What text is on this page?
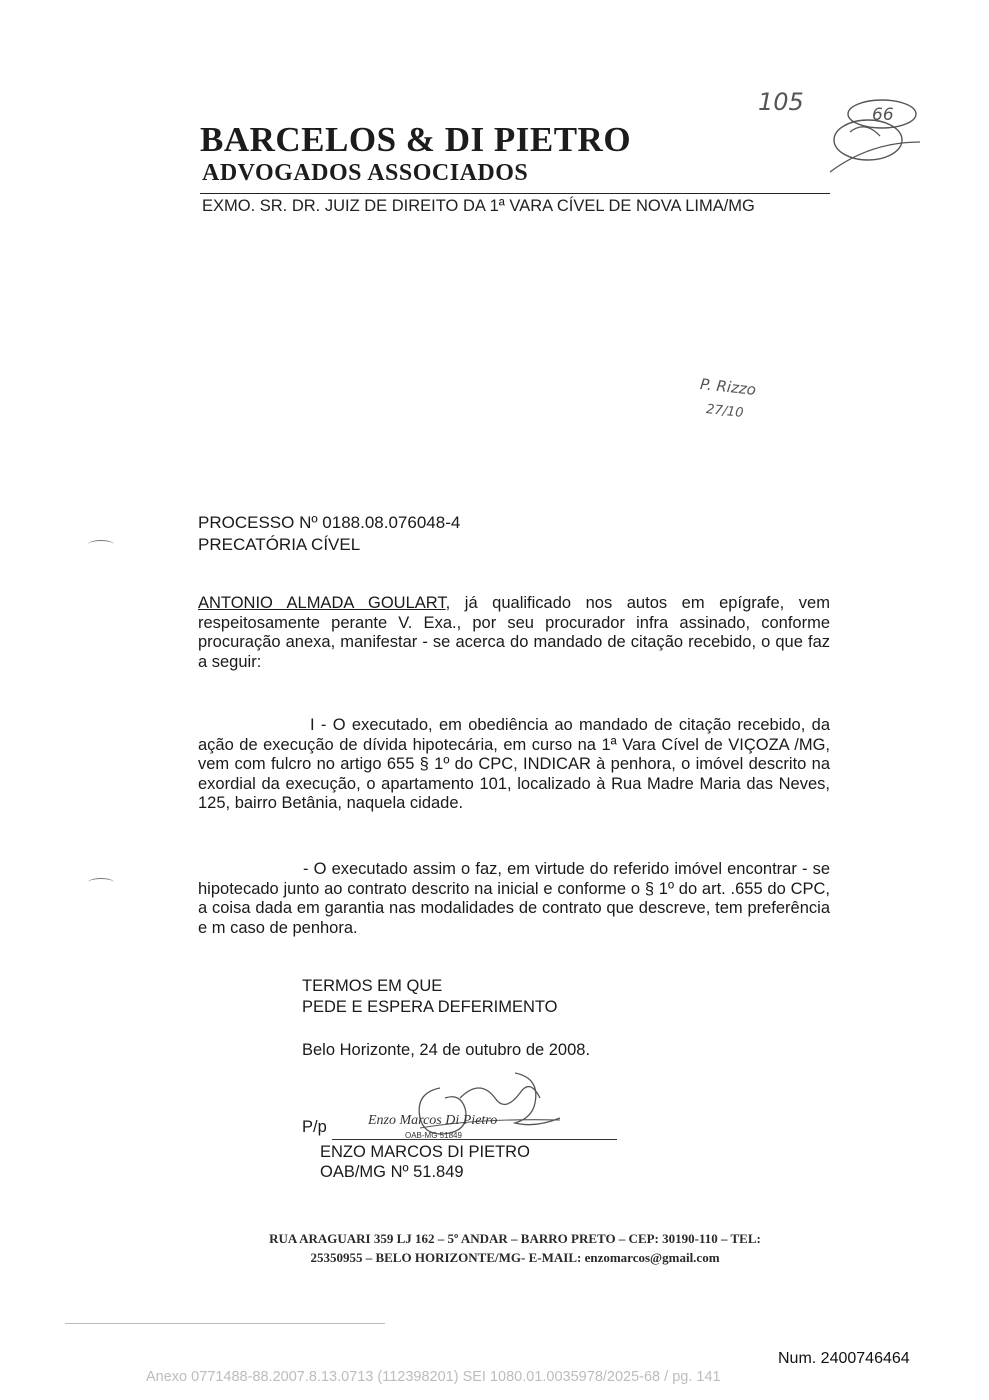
BARCELOS & DI PIETRO
ADVOGADOS ASSOCIADOS
EXMO. SR. DR. JUIZ DE DIREITO DA 1ª VARA CÍVEL DE NOVA LIMA/MG
105	66
P. Rizzo
27/10
PROCESSO Nº 0188.08.076048-4
PRECATÓRIA CÍVEL
ANTONIO ALMADA GOULART, já qualificado nos autos em epígrafe, vem respeitosamente perante V. Exa., por seu procurador infra assinado, conforme procuração anexa, manifestar - se acerca do mandado de citação recebido, o que faz a seguir:
I - O executado, em obediência ao mandado de citação recebido, da ação de execução de dívida hipotecária, em curso na 1ª Vara Cível de VIÇOZA /MG, vem com fulcro no artigo 655 § 1º do CPC, INDICAR à penhora, o imóvel descrito na exordial da execução, o apartamento 101, localizado à Rua Madre Maria das Neves, 125, bairro Betânia, naquela cidade.
- O executado assim o faz, em virtude do referido imóvel encontrar - se hipotecado junto ao contrato descrito na inicial e conforme o § 1º do art. .655 do CPC, a coisa dada em garantia nas modalidades de contrato que descreve, tem preferência e m caso de penhora.
TERMOS EM QUE
PEDE E ESPERA DEFERIMENTO
Belo Horizonte, 24 de outubro de 2008.
P/p	Enzo Marcos Di Pietro
OAB-MG 51849
ENZO MARCOS DI PIETRO
OAB/MG Nº 51.849
RUA ARAGUARI 359 LJ 162 – 5º ANDAR – BARRO PRETO – CEP: 30190-110 – TEL:
25350955 – BELO HORIZONTE/MG- E-MAIL: enzomarcos@gmail.com
Num. 2400746464
Anexo 0771488-88.2007.8.13.0713 (112398201) SEI 1080.01.0035978/2025-68 / pg. 141
